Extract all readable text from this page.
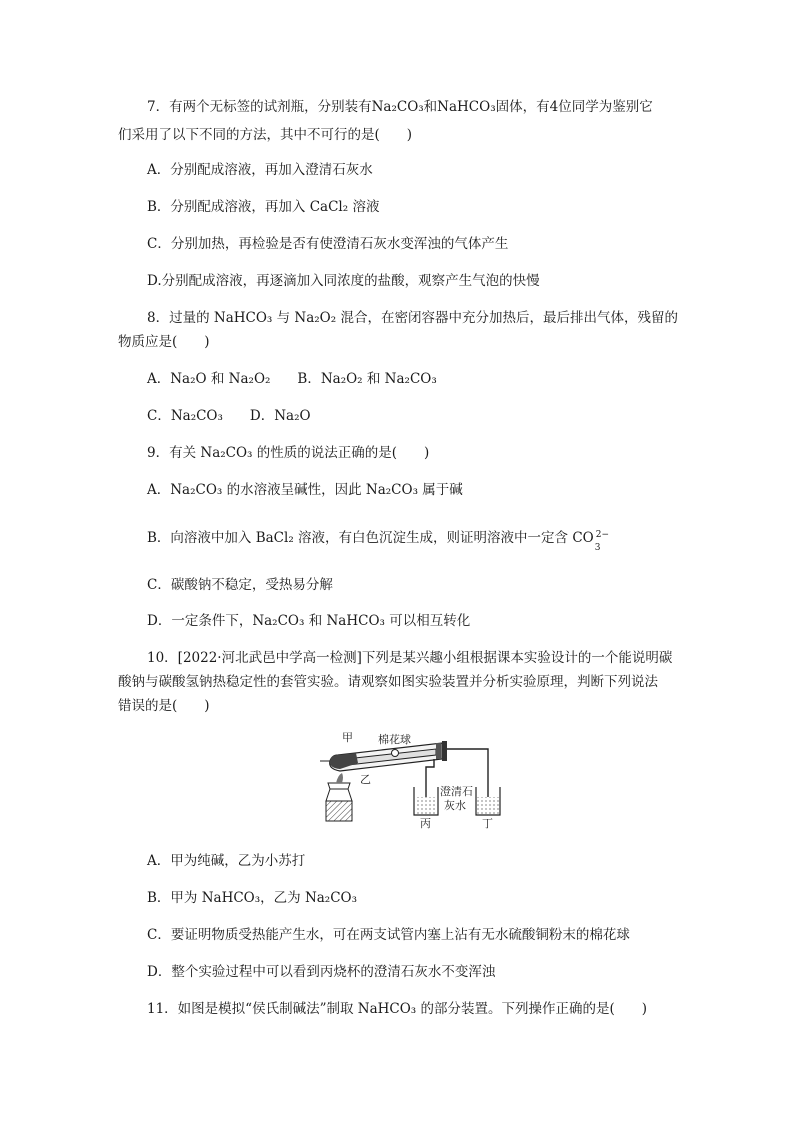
7．有两个无标签的试剂瓶，分别装有Na₂CO₃和NaHCO₃固体，有4位同学为鉴别它
们采用了以下不同的方法，其中不可行的是(　　)
A．分别配成溶液，再加入澄清石灰水
B．分别配成溶液，再加入 CaCl₂ 溶液
C．分别加热，再检验是否有使澄清石灰水变浑浊的气体产生
D.分别配成溶液，再逐滴加入同浓度的盐酸，观察产生气泡的快慢
8．过量的 NaHCO₃ 与 Na₂O₂ 混合，在密闭容器中充分加热后，最后排出气体，残留的
物质应是(　　)
A．Na₂O 和 Na₂O₂　　B．Na₂O₂ 和 Na₂CO₃
C．Na₂CO₃　　D．Na₂O
9．有关 Na₂CO₃ 的性质的说法正确的是(　　)
A．Na₂CO₃ 的水溶液呈碱性，因此 Na₂CO₃ 属于碱
B．向溶液中加入 BaCl₂ 溶液，有白色沉淀生成，则证明溶液中一定含 CO 2−
3
C．碳酸钠不稳定，受热易分解
D．一定条件下，Na₂CO₃ 和 NaHCO₃ 可以相互转化
10．[2022·河北武邑中学高一检测]下列是某兴趣小组根据课本实验设计的一个能说明碳
酸钠与碳酸氢钠热稳定性的套管实验。请观察如图实验装置并分析实验原理，判断下列说法
错误的是(　　)
甲
乙
棉花球
澄清石
灰水
丙	丁
A．甲为纯碱，乙为小苏打
B．甲为 NaHCO₃，乙为 Na₂CO₃
C．要证明物质受热能产生水，可在两支试管内塞上沾有无水硫酸铜粉末的棉花球
D．整个实验过程中可以看到丙烧杯的澄清石灰水不变浑浊
11．如图是模拟“侯氏制碱法”制取 NaHCO₃ 的部分装置。下列操作正确的是(　　)
